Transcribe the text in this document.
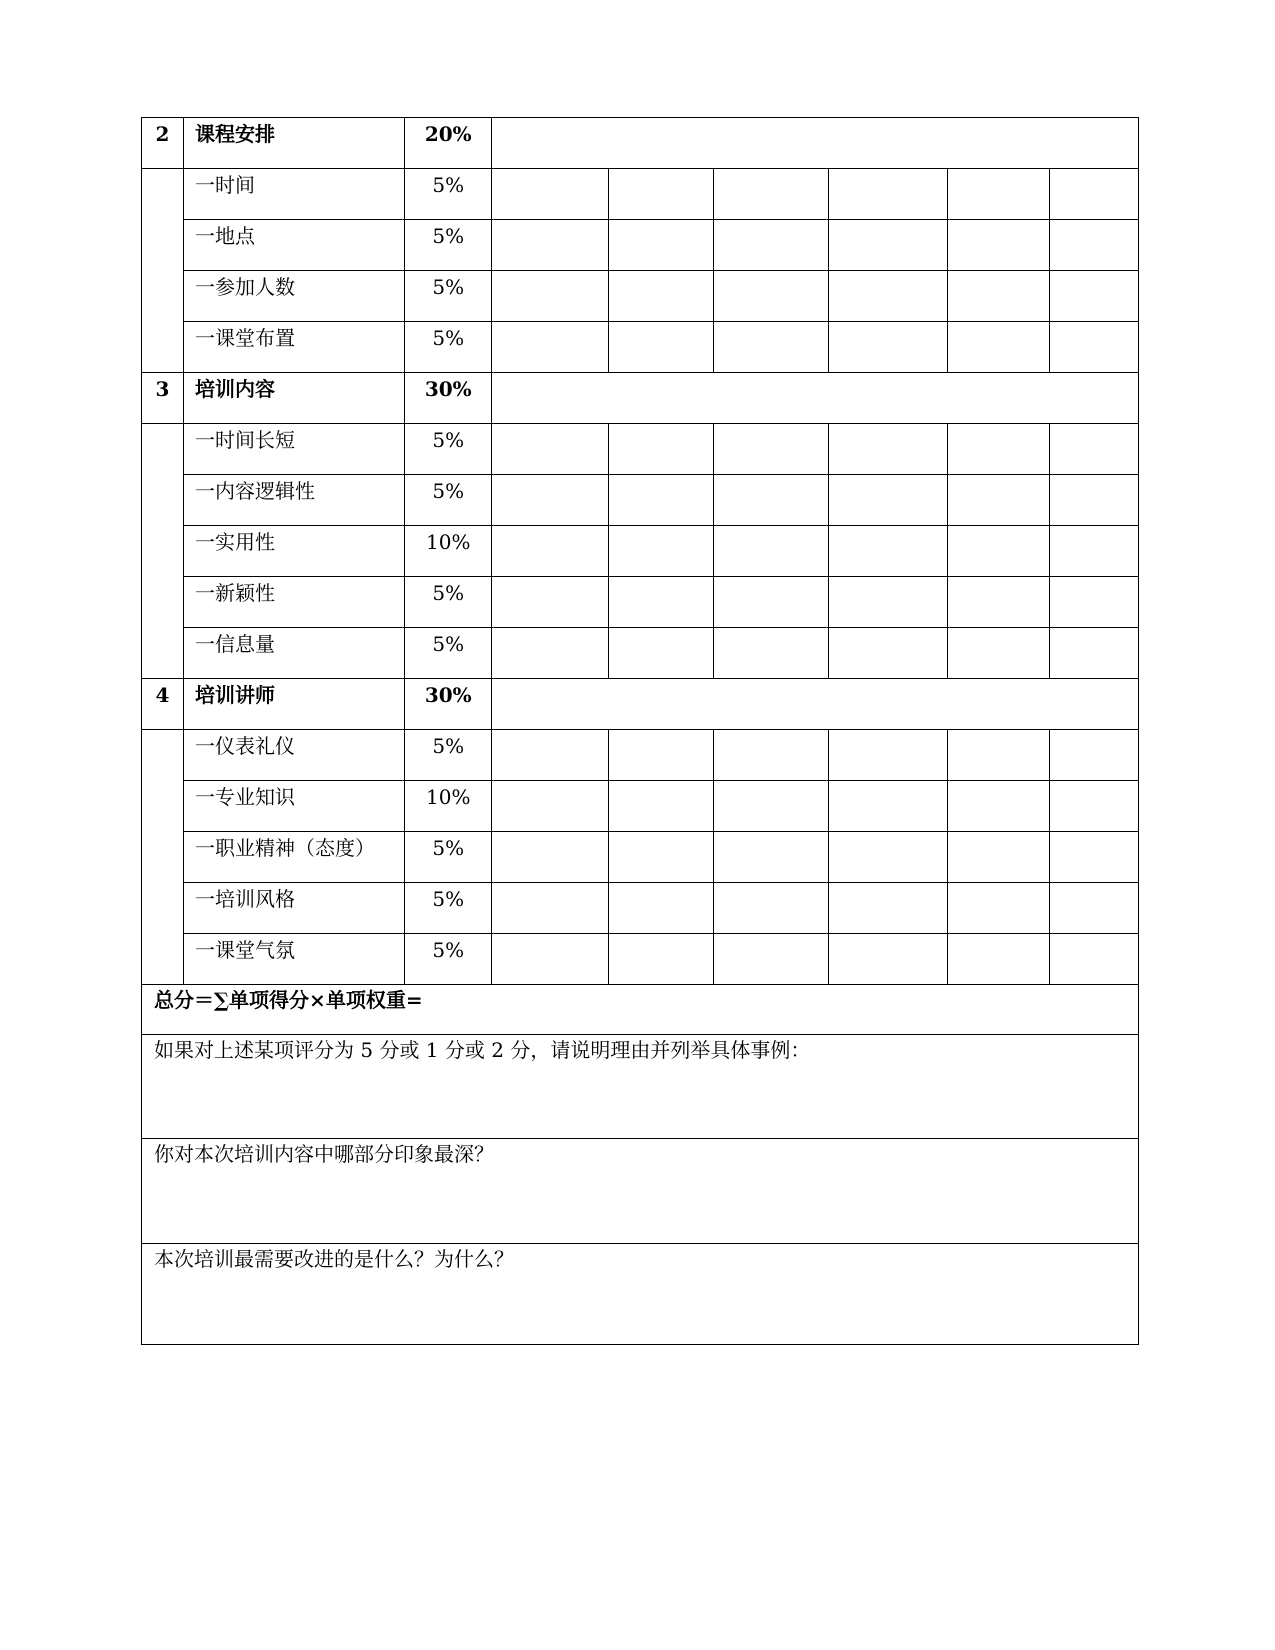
2	课程安排	20%						
	一时间	5%						
	一地点	5%						
	一参加人数	5%						
	一课堂布置	5%						
3	培训内容	30%						
	一时间长短	5%						
	一内容逻辑性	5%						
	一实用性	10%						
	一新颖性	5%						
	一信息量	5%						
4	培训讲师	30%						
	一仪表礼仪	5%						
	一专业知识	10%						
	一职业精神（态度）	5%						
	一培训风格	5%						
	一课堂气氛	5%						
总分＝∑单项得分×单项权重=								
如果对上述某项评分为 5 分或 1 分或 2 分，请说明理由并列举具体事例：								
你对本次培训内容中哪部分印象最深？								
本次培训最需要改进的是什么？为什么？								
